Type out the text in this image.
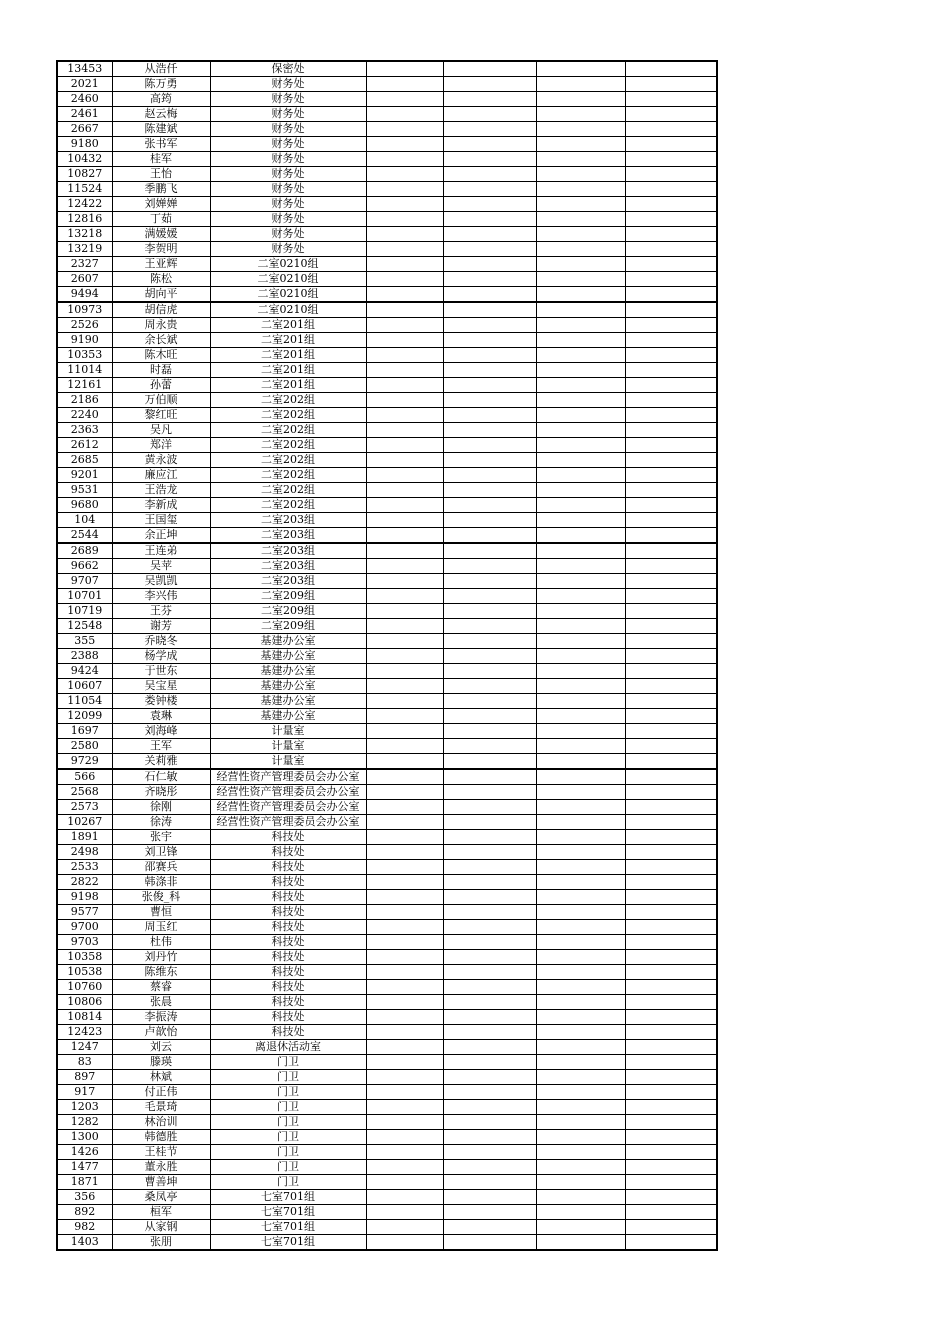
13453	从浩仟	保密处				
2021	陈万勇	财务处				
2460	高筠	财务处				
2461	赵云梅	财务处				
2667	陈建斌	财务处				
9180	张书军	财务处				
10432	桂军	财务处				
10827	王怡	财务处				
11524	季鹏飞	财务处				
12422	刘婵婵	财务处				
12816	丁茹	财务处				
13218	满媛媛	财务处				
13219	李贺明	财务处				
2327	王亚辉	二室0210组				
2607	陈松	二室0210组				
9494	胡向平	二室0210组				
10973	胡信虎	二室0210组				
2526	周永贵	二室201组				
9190	余长斌	二室201组				
10353	陈木旺	二室201组				
11014	时磊	二室201组				
12161	孙蕾	二室201组				
2186	万伯顺	二室202组				
2240	黎红旺	二室202组				
2363	吴凡	二室202组				
2612	郑洋	二室202组				
2685	黄永波	二室202组				
9201	廉应江	二室202组				
9531	王浩龙	二室202组				
9680	李新成	二室202组				
104	王国玺	二室203组				
2544	余正坤	二室203组				
2689	王连弟	二室203组				
9662	吴苹	二室203组				
9707	吴凯凯	二室203组				
10701	李兴伟	二室209组				
10719	王芬	二室209组				
12548	谢芳	二室209组				
355	乔晓冬	基建办公室				
2388	杨学成	基建办公室				
9424	于世东	基建办公室				
10607	吴宝星	基建办公室				
11054	娄钟楼	基建办公室				
12099	袁琳	基建办公室				
1697	刘海峰	计量室				
2580	王军	计量室				
9729	关莉雅	计量室				
566	石仁敏	经营性资产管理委员会办公室				
2568	齐晓彤	经营性资产管理委员会办公室				
2573	徐刚	经营性资产管理委员会办公室				
10267	徐涛	经营性资产管理委员会办公室				
1891	张宇	科技处				
2498	刘卫锋	科技处				
2533	邵赛兵	科技处				
2822	韩涤非	科技处				
9198	张俊_科	科技处				
9577	曹恒	科技处				
9700	周玉红	科技处				
9703	杜伟	科技处				
10358	刘丹竹	科技处				
10538	陈维东	科技处				
10760	蔡睿	科技处				
10806	张晨	科技处				
10814	李振涛	科技处				
12423	卢歆怡	科技处				
1247	刘云	离退休活动室				
83	滕瑛	门卫				
897	林斌	门卫				
917	付正伟	门卫				
1203	毛景琦	门卫				
1282	林治训	门卫				
1300	韩德胜	门卫				
1426	王桂节	门卫				
1477	董永胜	门卫				
1871	曹善坤	门卫				
356	桑凤亭	七室701组				
892	桓军	七室701组				
982	从家钢	七室701组				
1403	张朋	七室701组				
